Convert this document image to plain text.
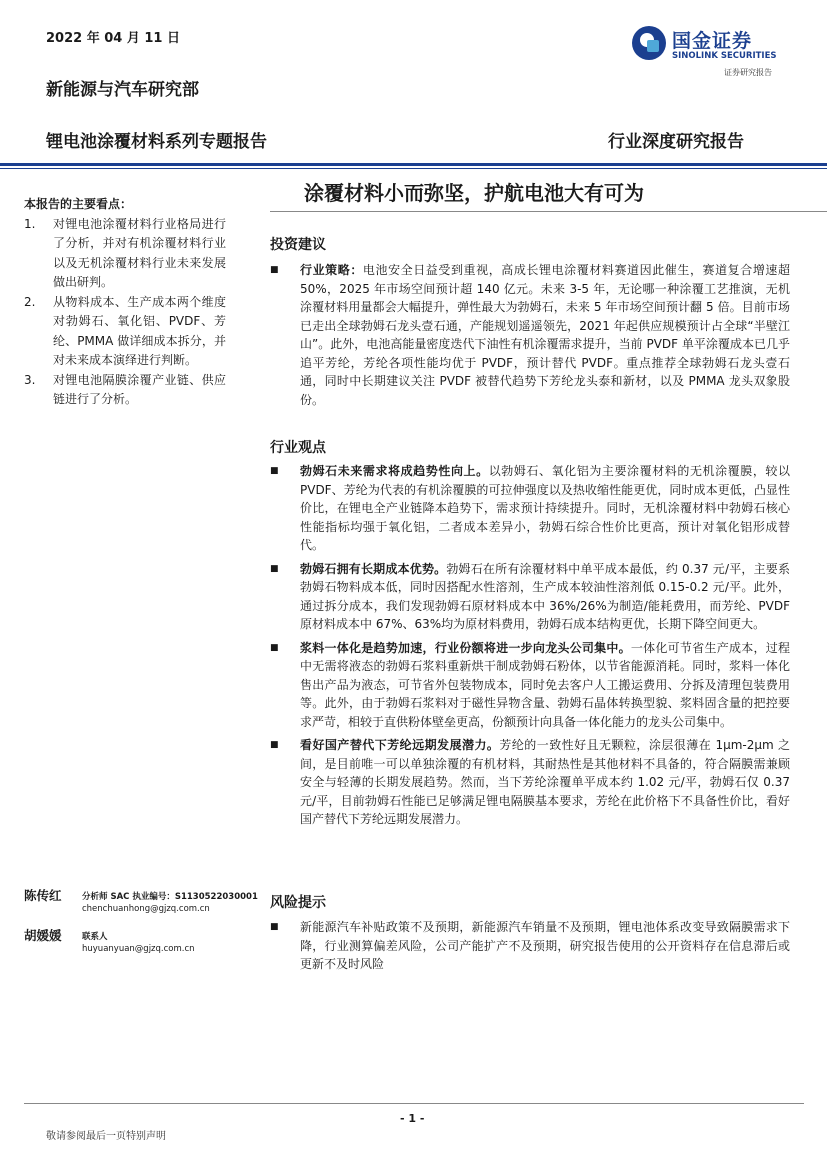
2022 年 04 月 11 日	国金证券
SINOLINK SECURITIES
证券研究报告
新能源与汽车研究部
锂电池涂覆材料系列专题报告	行业深度研究报告
涂覆材料小而弥坚，护航电池大有可为
本报告的主要看点：
1.	对锂电池涂覆材料行业格局进行了分析，并对有机涂覆材料行业以及无机涂覆材料行业未来发展做出研判。
2.	从物料成本、生产成本两个维度对勃姆石、氧化铝、PVDF、芳纶、PMMA 做详细成本拆分，并对未来成本演绎进行判断。
3.	对锂电池隔膜涂覆产业链、供应链进行了分析。
投资建议
■	行业策略：电池安全日益受到重视，高成长锂电涂覆材料赛道因此催生，赛道复合增速超 50%，2025 年市场空间预计超 140 亿元。未来 3-5 年，无论哪一种涂覆工艺推演，无机涂覆材料用量都会大幅提升，弹性最大为勃姆石，未来 5 年市场空间预计翻 5 倍。目前市场已走出全球勃姆石龙头壹石通，产能规划遥遥领先，2021 年起供应规模预计占全球“半壁江山”。此外，电池高能量密度迭代下油性有机涂覆需求提升，当前 PVDF 单平涂覆成本已几乎追平芳纶，芳纶各项性能均优于 PVDF，预计替代 PVDF。重点推荐全球勃姆石龙头壹石通，同时中长期建议关注 PVDF 被替代趋势下芳纶龙头泰和新材，以及 PMMA 龙头双象股份。
行业观点
■	勃姆石未来需求将成趋势性向上。以勃姆石、氧化铝为主要涂覆材料的无机涂覆膜，较以 PVDF、芳纶为代表的有机涂覆膜的可拉伸强度以及热收缩性能更优，同时成本更低，凸显性价比，在锂电全产业链降本趋势下，需求预计持续提升。同时，无机涂覆材料中勃姆石核心性能指标均强于氧化铝，二者成本差异小，勃姆石综合性价比更高，预计对氧化铝形成替代。
■	勃姆石拥有长期成本优势。勃姆石在所有涂覆材料中单平成本最低，约 0.37 元/平，主要系勃姆石物料成本低，同时因搭配水性溶剂，生产成本较油性溶剂低 0.15-0.2 元/平。此外，通过拆分成本，我们发现勃姆石原材料成本中 36%/26%为制造/能耗费用，而芳纶、PVDF 原材料成本中 67%、63%均为原材料费用，勃姆石成本结构更优，长期下降空间更大。
■	浆料一体化是趋势加速，行业份额将进一步向龙头公司集中。一体化可节省生产成本，过程中无需将液态的勃姆石浆料重新烘干制成勃姆石粉体，以节省能源消耗。同时，浆料一体化售出产品为液态，可节省外包装物成本，同时免去客户人工搬运费用、分拆及清理包装费用等。此外，由于勃姆石浆料对于磁性异物含量、勃姆石晶体转换型貌、浆料固含量的把控要求严苛，相较于直供粉体壁垒更高，份额预计向具备一体化能力的龙头公司集中。
■	看好国产替代下芳纶远期发展潜力。芳纶的一致性好且无颗粒，涂层很薄在 1μm-2μm 之间，是目前唯一可以单独涂覆的有机材料，其耐热性是其他材料不具备的，符合隔膜需兼顾安全与轻薄的长期发展趋势。然而，当下芳纶涂覆单平成本约 1.02 元/平，勃姆石仅 0.37 元/平，目前勃姆石性能已足够满足锂电隔膜基本要求，芳纶在此价格下不具备性价比，看好国产替代下芳纶远期发展潜力。
陈传红	分析师 SAC 执业编号：S1130522030001
chenchuanhong@gjzq.com.cn
胡媛媛	联系人
huyuanyuan@gjzq.com.cn
风险提示
■	新能源汽车补贴政策不及预期，新能源汽车销量不及预期，锂电池体系改变导致隔膜需求下降，行业测算偏差风险，公司产能扩产不及预期，研究报告使用的公开资料存在信息滞后或更新不及时风险
- 1 -
敬请参阅最后一页特别声明
